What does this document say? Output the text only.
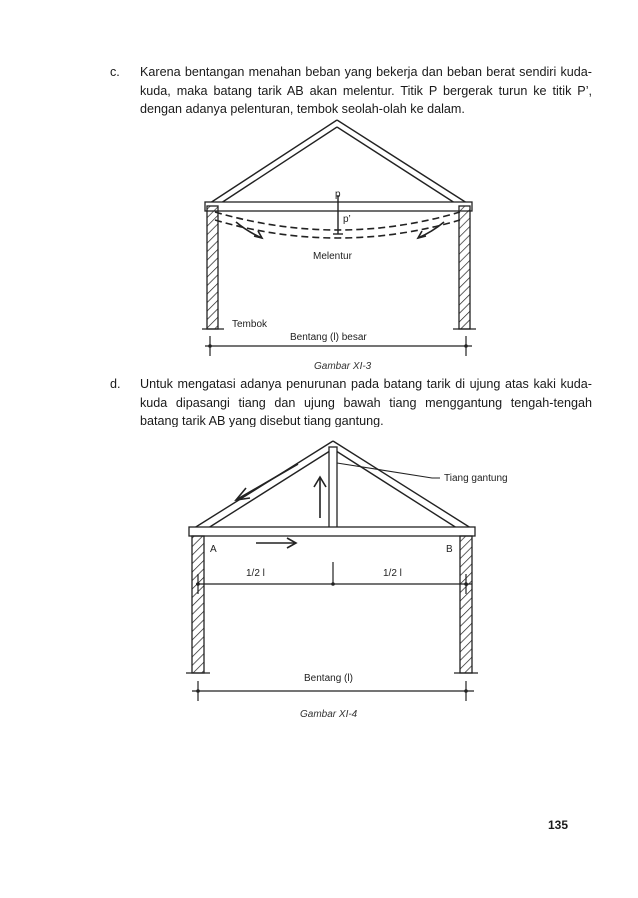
c. Karena bentangan menahan beban yang bekerja dan beban berat sendiri kuda-kuda, maka batang tarik AB akan melentur. Titik P bergerak turun ke titik P’, dengan adanya pelenturan, tembok seolah-olah ke dalam.
d. Untuk mengatasi adanya penurunan pada batang tarik di ujung atas kaki kuda-kuda dipasangi tiang dan ujung bawah tiang menggantung tengah-tengah batang tarik AB yang disebut tiang gantung.
p
p’
Melentur
Tembok
Bentang (l) besar
Gambar XI-3
Tiang gantung
A	B
1/2 l	1/2 l
Bentang (l)
Gambar XI-4
135
